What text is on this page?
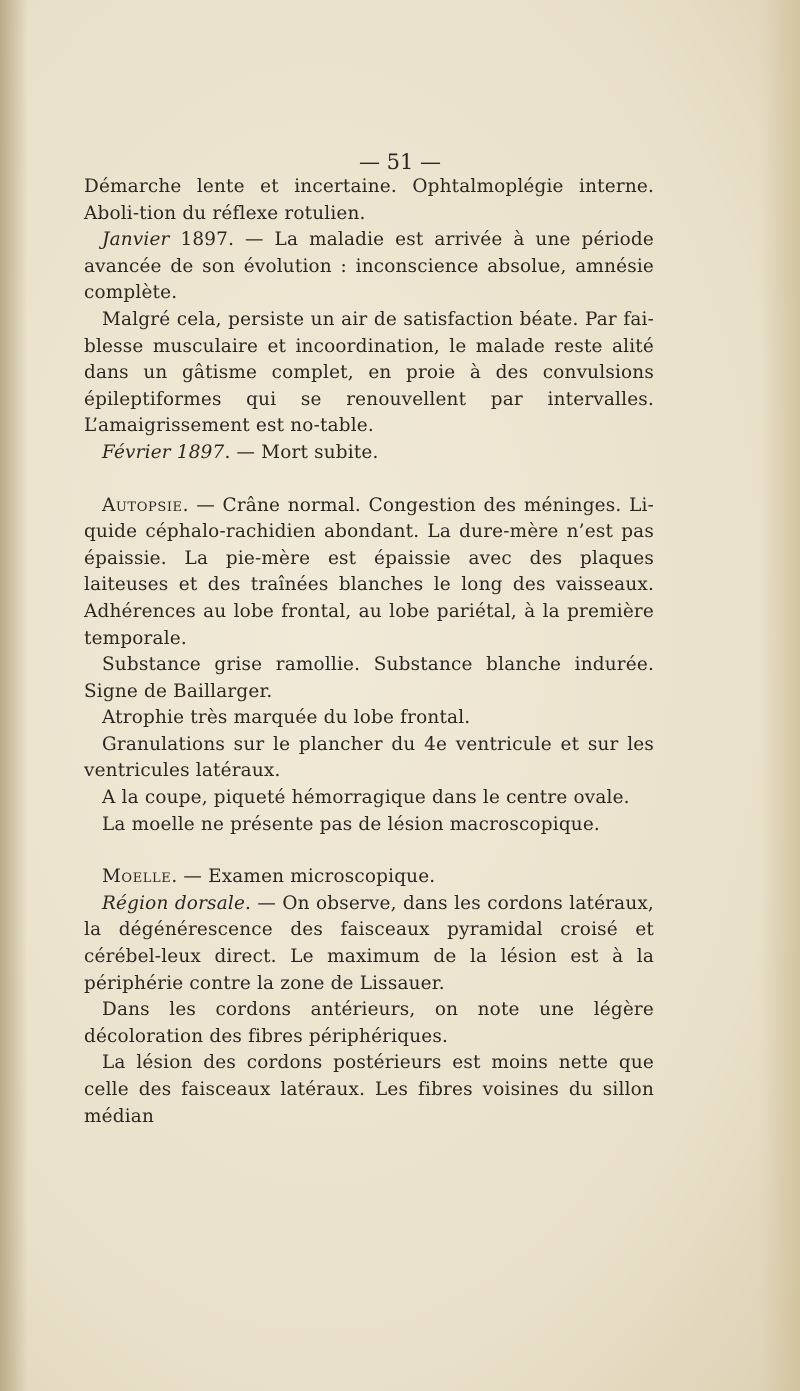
— 51 —

Démarche lente et incertaine. Ophtalmoplégie interne. Aboli-tion du réflexe rotulien.

Janvier 1897. — La maladie est arrivée à une période avancée de son évolution : inconscience absolue, amnésie complète.

Malgré cela, persiste un air de satisfaction béate. Par fai-blesse musculaire et incoordination, le malade reste alité dans un gâtisme complet, en proie à des convulsions épileptiformes qui se renouvellent par intervalles. L’amaigrissement est no-table.

Février 1897. — Mort subite.

Autopsie. — Crâne normal. Congestion des méninges. Li-quide céphalo-rachidien abondant. La dure-mère n’est pas épaissie. La pie-mère est épaissie avec des plaques laiteuses et des traînées blanches le long des vaisseaux. Adhérences au lobe frontal, au lobe pariétal, à la première temporale.

Substance grise ramollie. Substance blanche indurée. Signe de Baillarger.

Atrophie très marquée du lobe frontal.

Granulations sur le plancher du 4e ventricule et sur les ventricules latéraux.

A la coupe, piqueté hémorragique dans le centre ovale.

La moelle ne présente pas de lésion macroscopique.

Moelle. — Examen microscopique.

Région dorsale. — On observe, dans les cordons latéraux, la dégénérescence des faisceaux pyramidal croisé et cérébel-leux direct. Le maximum de la lésion est à la périphérie contre la zone de Lissauer.

Dans les cordons antérieurs, on note une légère décoloration des fibres périphériques.

La lésion des cordons postérieurs est moins nette que celle des faisceaux latéraux. Les fibres voisines du sillon médian
